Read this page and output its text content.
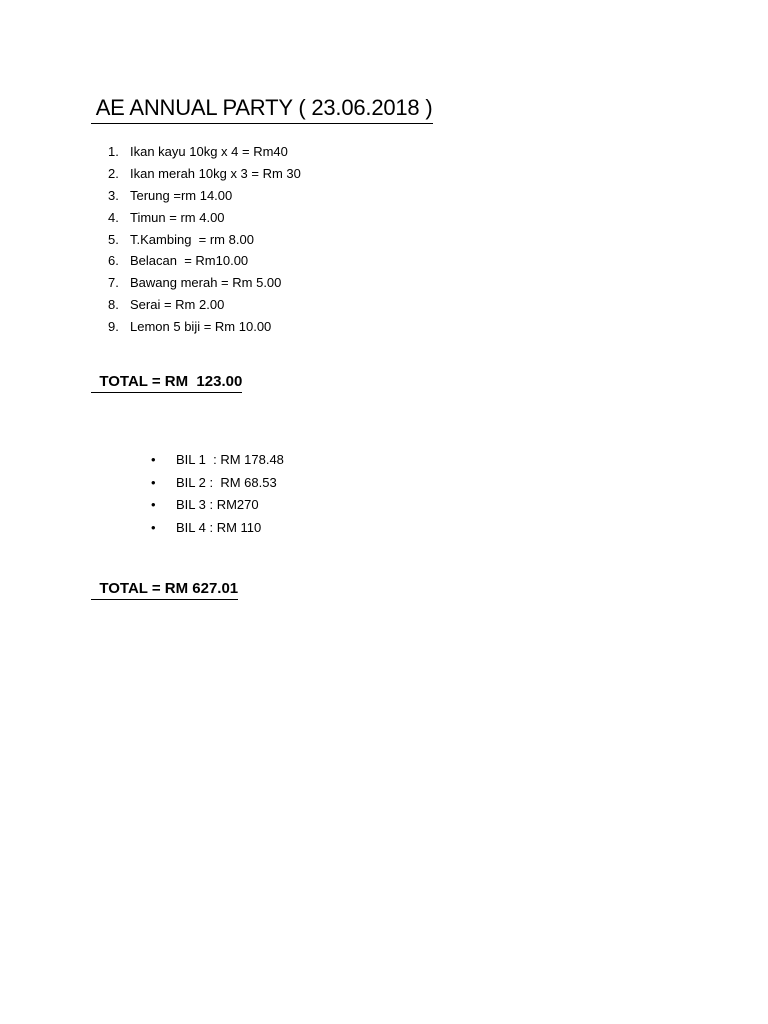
AE ANNUAL PARTY ( 23.06.2018 )
1. Ikan kayu 10kg x 4 = Rm40
2. Ikan merah 10kg x 3 = Rm 30
3. Terung =rm 14.00
4. Timun = rm 4.00
5. T.Kambing  = rm 8.00
6. Belacan  = Rm10.00
7. Bawang merah = Rm 5.00
8. Serai = Rm 2.00
9. Lemon 5 biji = Rm 10.00
TOTAL = RM  123.00
• BIL 1  : RM 178.48
• BIL 2 :  RM 68.53
• BIL 3 : RM270
• BIL 4 : RM 110
TOTAL = RM 627.01
